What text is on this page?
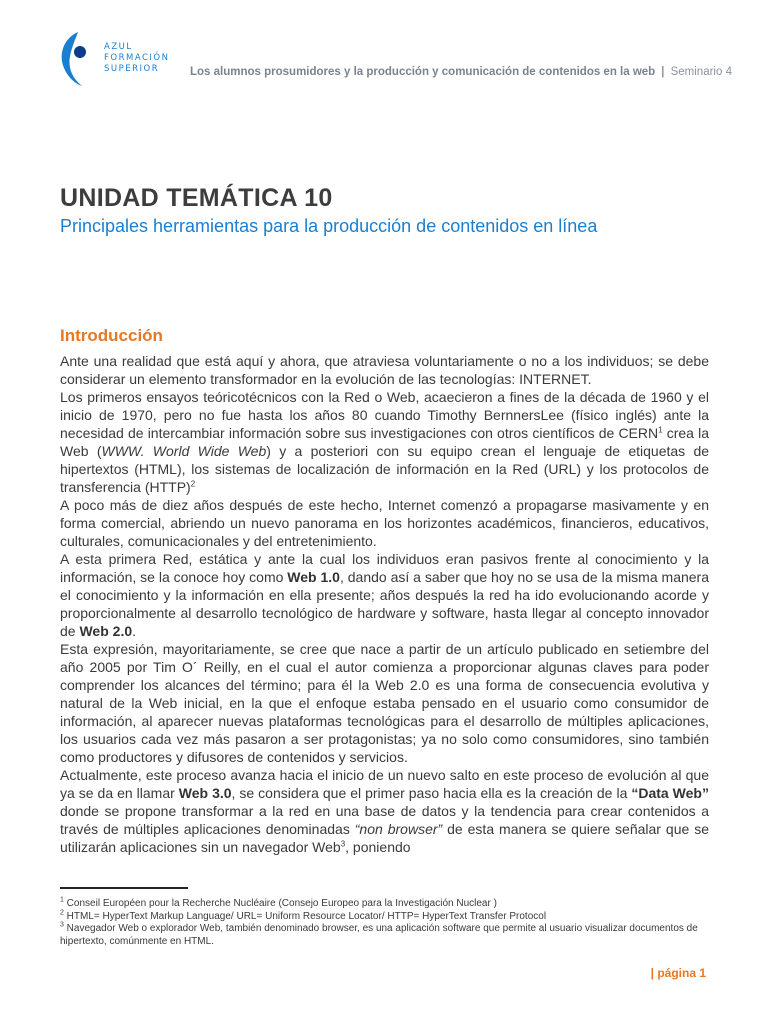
AZUL
FORMACIÓN
SUPERIOR	Los alumnos prosumidores y la producción y comunicación de contenidos en la web | Seminario 4
UNIDAD TEMÁTICA 10
Principales herramientas para la producción de contenidos en línea
Introducción

Ante una realidad que está aquí y ahora, que atraviesa voluntariamente o no a los individuos; se debe considerar un elemento transformador en la evolución de las tecnologías: INTERNET.

Los primeros ensayos teóricotécnicos con la Red o Web, acaecieron a fines de la década de 1960 y el inicio de 1970, pero no fue hasta los años 80 cuando Timothy BernnersLee (físico inglés) ante la necesidad de intercambiar información sobre sus investigaciones con otros científicos de CERN$^1$ crea la Web (WWW. World Wide Web) y a posteriori con su equipo crean el lenguaje de etiquetas de hipertextos (HTML), los sistemas de localización de información en la Red (URL) y los protocolos de transferencia (HTTP)$^2$

A poco más de diez años después de este hecho, Internet comenzó a propagarse masivamente y en forma comercial, abriendo un nuevo panorama en los horizontes académicos, financieros, educativos, culturales, comunicacionales y del entretenimiento.

A esta primera Red, estática y ante la cual los individuos eran pasivos frente al conocimiento y la información, se la conoce hoy como Web 1.0, dando así a saber que hoy no se usa de la misma manera el conocimiento y la información en ella presente; años después la red ha ido evolucionando acorde y proporcionalmente al desarrollo tecnológico de hardware y software, hasta llegar al concepto innovador de Web 2.0.

Esta expresión, mayoritariamente, se cree que nace a partir de un artículo publicado en setiembre del año 2005 por Tim O´ Reilly, en el cual el autor comienza a proporcionar algunas claves para poder comprender los alcances del término; para él la Web 2.0 es una forma de consecuencia evolutiva y natural de la Web inicial, en la que el enfoque estaba pensado en el usuario como consumidor de información, al aparecer nuevas plataformas tecnológicas para el desarrollo de múltiples aplicaciones, los usuarios cada vez más pasaron a ser protagonistas; ya no solo como consumidores, sino también como productores y difusores de contenidos y servicios.

Actualmente, este proceso avanza hacia el inicio de un nuevo salto en este proceso de evolución al que ya se da en llamar Web 3.0, se considera que el primer paso hacia ella es la creación de la “Data Web” donde se propone transformar a la red en una base de datos y la tendencia para crear contenidos a través de múltiples aplicaciones denominadas “non browser” de esta manera se quiere señalar que se utilizarán aplicaciones sin un navegador Web$^3$, poniendo

$^1$ Conseil Européen pour la Recherche Nucléaire (Consejo Europeo para la Investigación Nuclear )

$^2$ HTML= HyperText Markup Language/ URL= Uniform Resource Locator/ HTTP= HyperText Transfer Protocol

$^3$ Navegador Web o explorador Web, también denominado browser, es una aplicación software que permite al usuario visualizar documentos de hipertexto, comúnmente en HTML.

| página 1
